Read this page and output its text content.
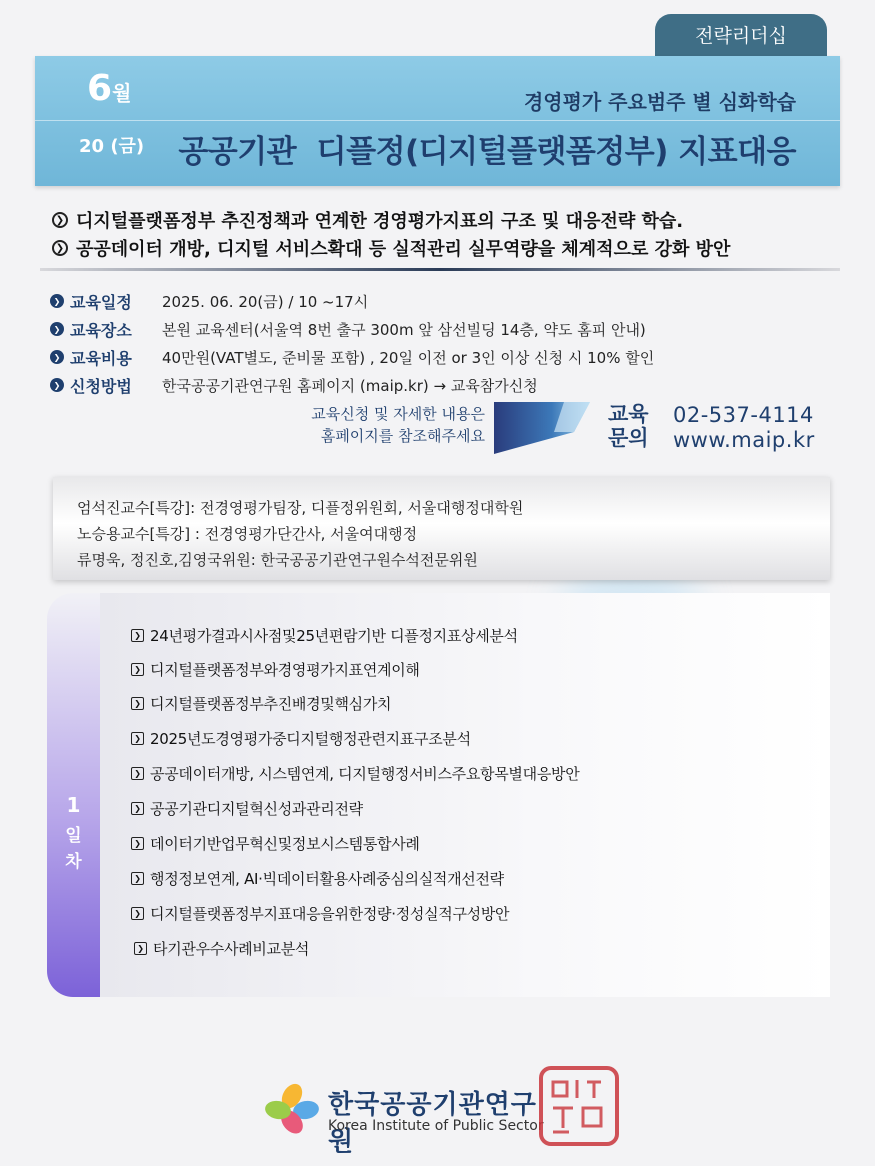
전략리더십
6월	경영평가 주요범주 별 심화학습
20 (금) 공공기관  디플정(디지털플랫폼정부) 지표대응
❯ 디지털플랫폼정부 추진정책과 연계한 경영평가지표의 구조 및 대응전략 학습.
❯ 공공데이터 개방, 디지털 서비스확대 등 실적관리 실무역량을 체계적으로 강화 방안
❯ 교육일정	2025. 06. 20(금) / 10 ~17시
❯ 교육장소	본원 교육센터(서울역 8번 출구 300m 앞 삼선빌딩 14층, 약도 홈피 안내)
❯ 교육비용	40만원(VAT별도, 준비물 포함) , 20일 이전 or 3인 이상 신청 시 10% 할인
❯ 신청방법	한국공공기관연구원 홈페이지 (maip.kr) → 교육참가신청
교육신청 및 자세한 내용은
홈페이지를 참조해주세요
교육
문의
02-537-4114
www.maip.kr
엄석진교수[특강]: 전경영평가팀장, 디플정위원회, 서울대행정대학원
노승용교수[특강] : 전경영평가단간사, 서울여대행정
류명욱, 정진호,김영국위원: 한국공공기관연구원수석전문위원
1
일
차
❯ 24년평가결과시사점및25년편람기반 디플정지표상세분석
❯ 디지털플랫폼정부와경영평가지표연계이해
❯ 디지털플랫폼정부추진배경및핵심가치
❯ 2025년도경영평가중디지털행정관련지표구조분석
❯ 공공데이터개방, 시스템연계, 디지털행정서비스주요항목별대응방안
❯ 공공기관디지털혁신성과관리전략
❯ 데이터기반업무혁신및정보시스템통합사례
❯ 행정정보연계, AI·빅데이터활용사례중심의실적개선전략
❯ 디지털플랫폼정부지표대응을위한정량·정성실적구성방안
❯ 타기관우수사례비교분석
한국공공기관연구원
Korea Institute of Public Sector
